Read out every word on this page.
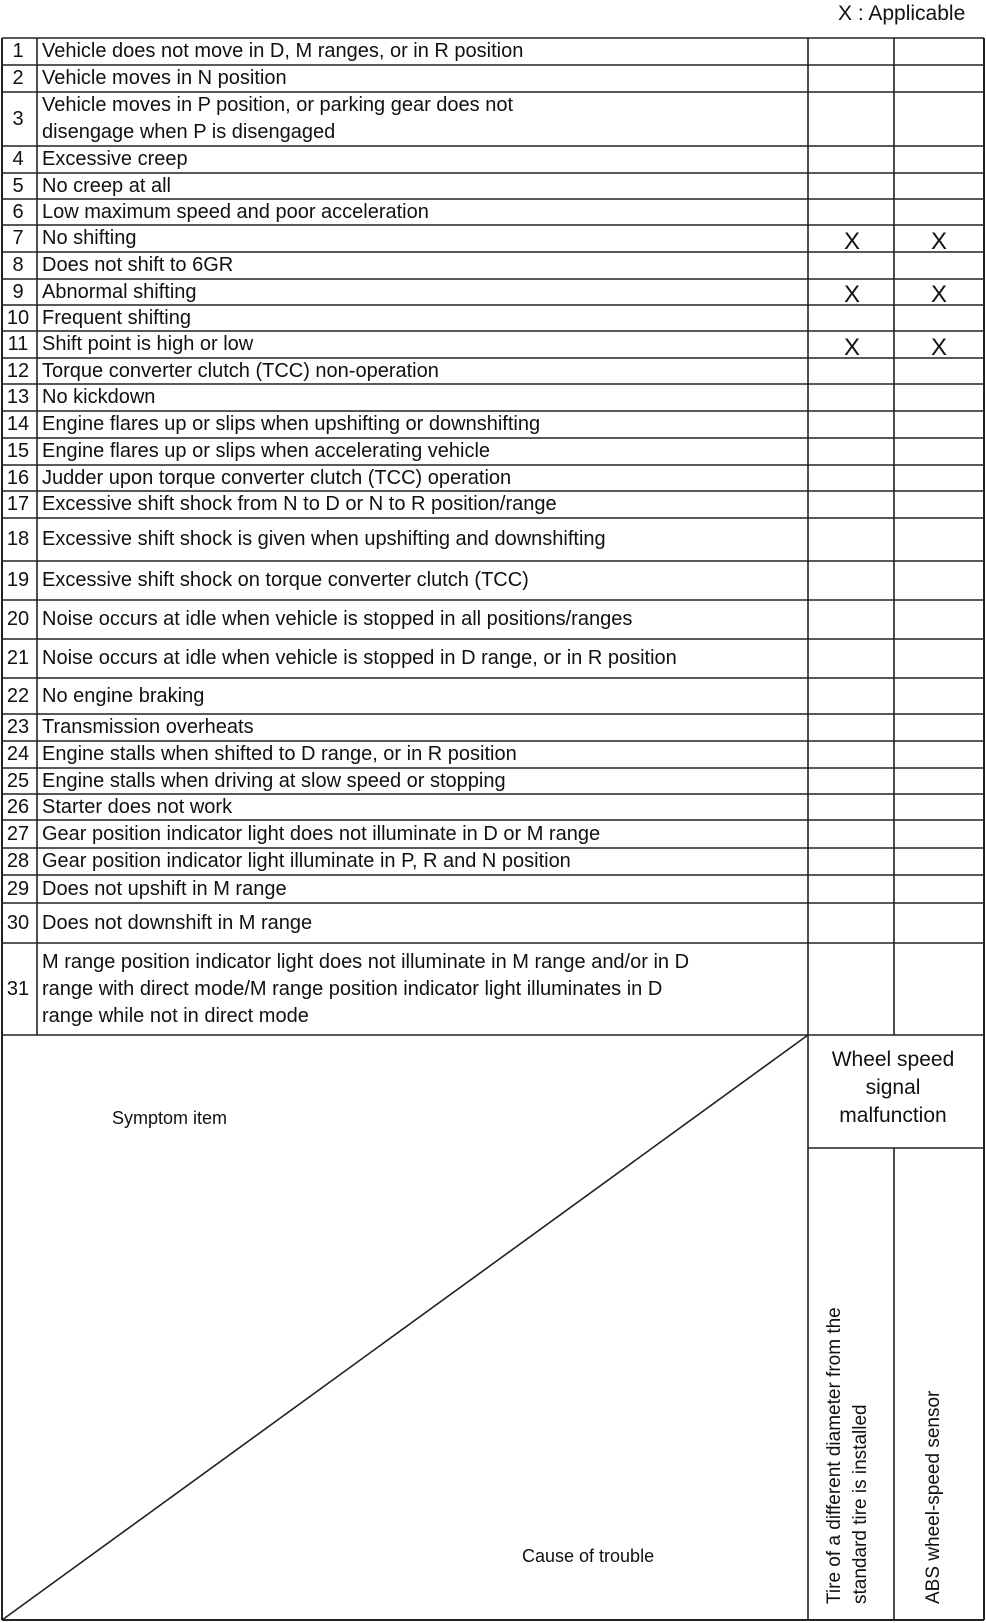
X : Applicable
1 Vehicle does not move in D, M ranges, or in R position
2 Vehicle moves in N position
3
Vehicle moves in P position, or parking gear does not
disengage when P is disengaged
4 Excessive creep
5 No creep at all
6 Low maximum speed and poor acceleration
7 No shifting	X	X
8 Does not shift to 6GR
9 Abnormal shifting	X	X
10 Frequent shifting
11 Shift point is high or low	X	X
12 Torque converter clutch (TCC) non-operation
13 No kickdown
14 Engine flares up or slips when upshifting or downshifting
15 Engine flares up or slips when accelerating vehicle
16 Judder upon torque converter clutch (TCC) operation
17 Excessive shift shock from N to D or N to R position/range
18 Excessive shift shock is given when upshifting and downshifting
19 Excessive shift shock on torque converter clutch (TCC)
20 Noise occurs at idle when vehicle is stopped in all positions/ranges
21 Noise occurs at idle when vehicle is stopped in D range, or in R position
22 No engine braking
23 Transmission overheats
24 Engine stalls when shifted to D range, or in R position
25 Engine stalls when driving at slow speed or stopping
26 Starter does not work
27 Gear position indicator light does not illuminate in D or M range
28 Gear position indicator light illuminate in P, R and N position
29 Does not upshift in M range
30 Does not downshift in M range
31
M range position indicator light does not illuminate in M range and/or in D
range with direct mode/M range position indicator light illuminates in D
range while not in direct mode
Symptom item
Cause of trouble
Wheel speed
signal
malfunction
Tire of a different diameter from the standard tire is installed	ABS wheel-speed sensor
